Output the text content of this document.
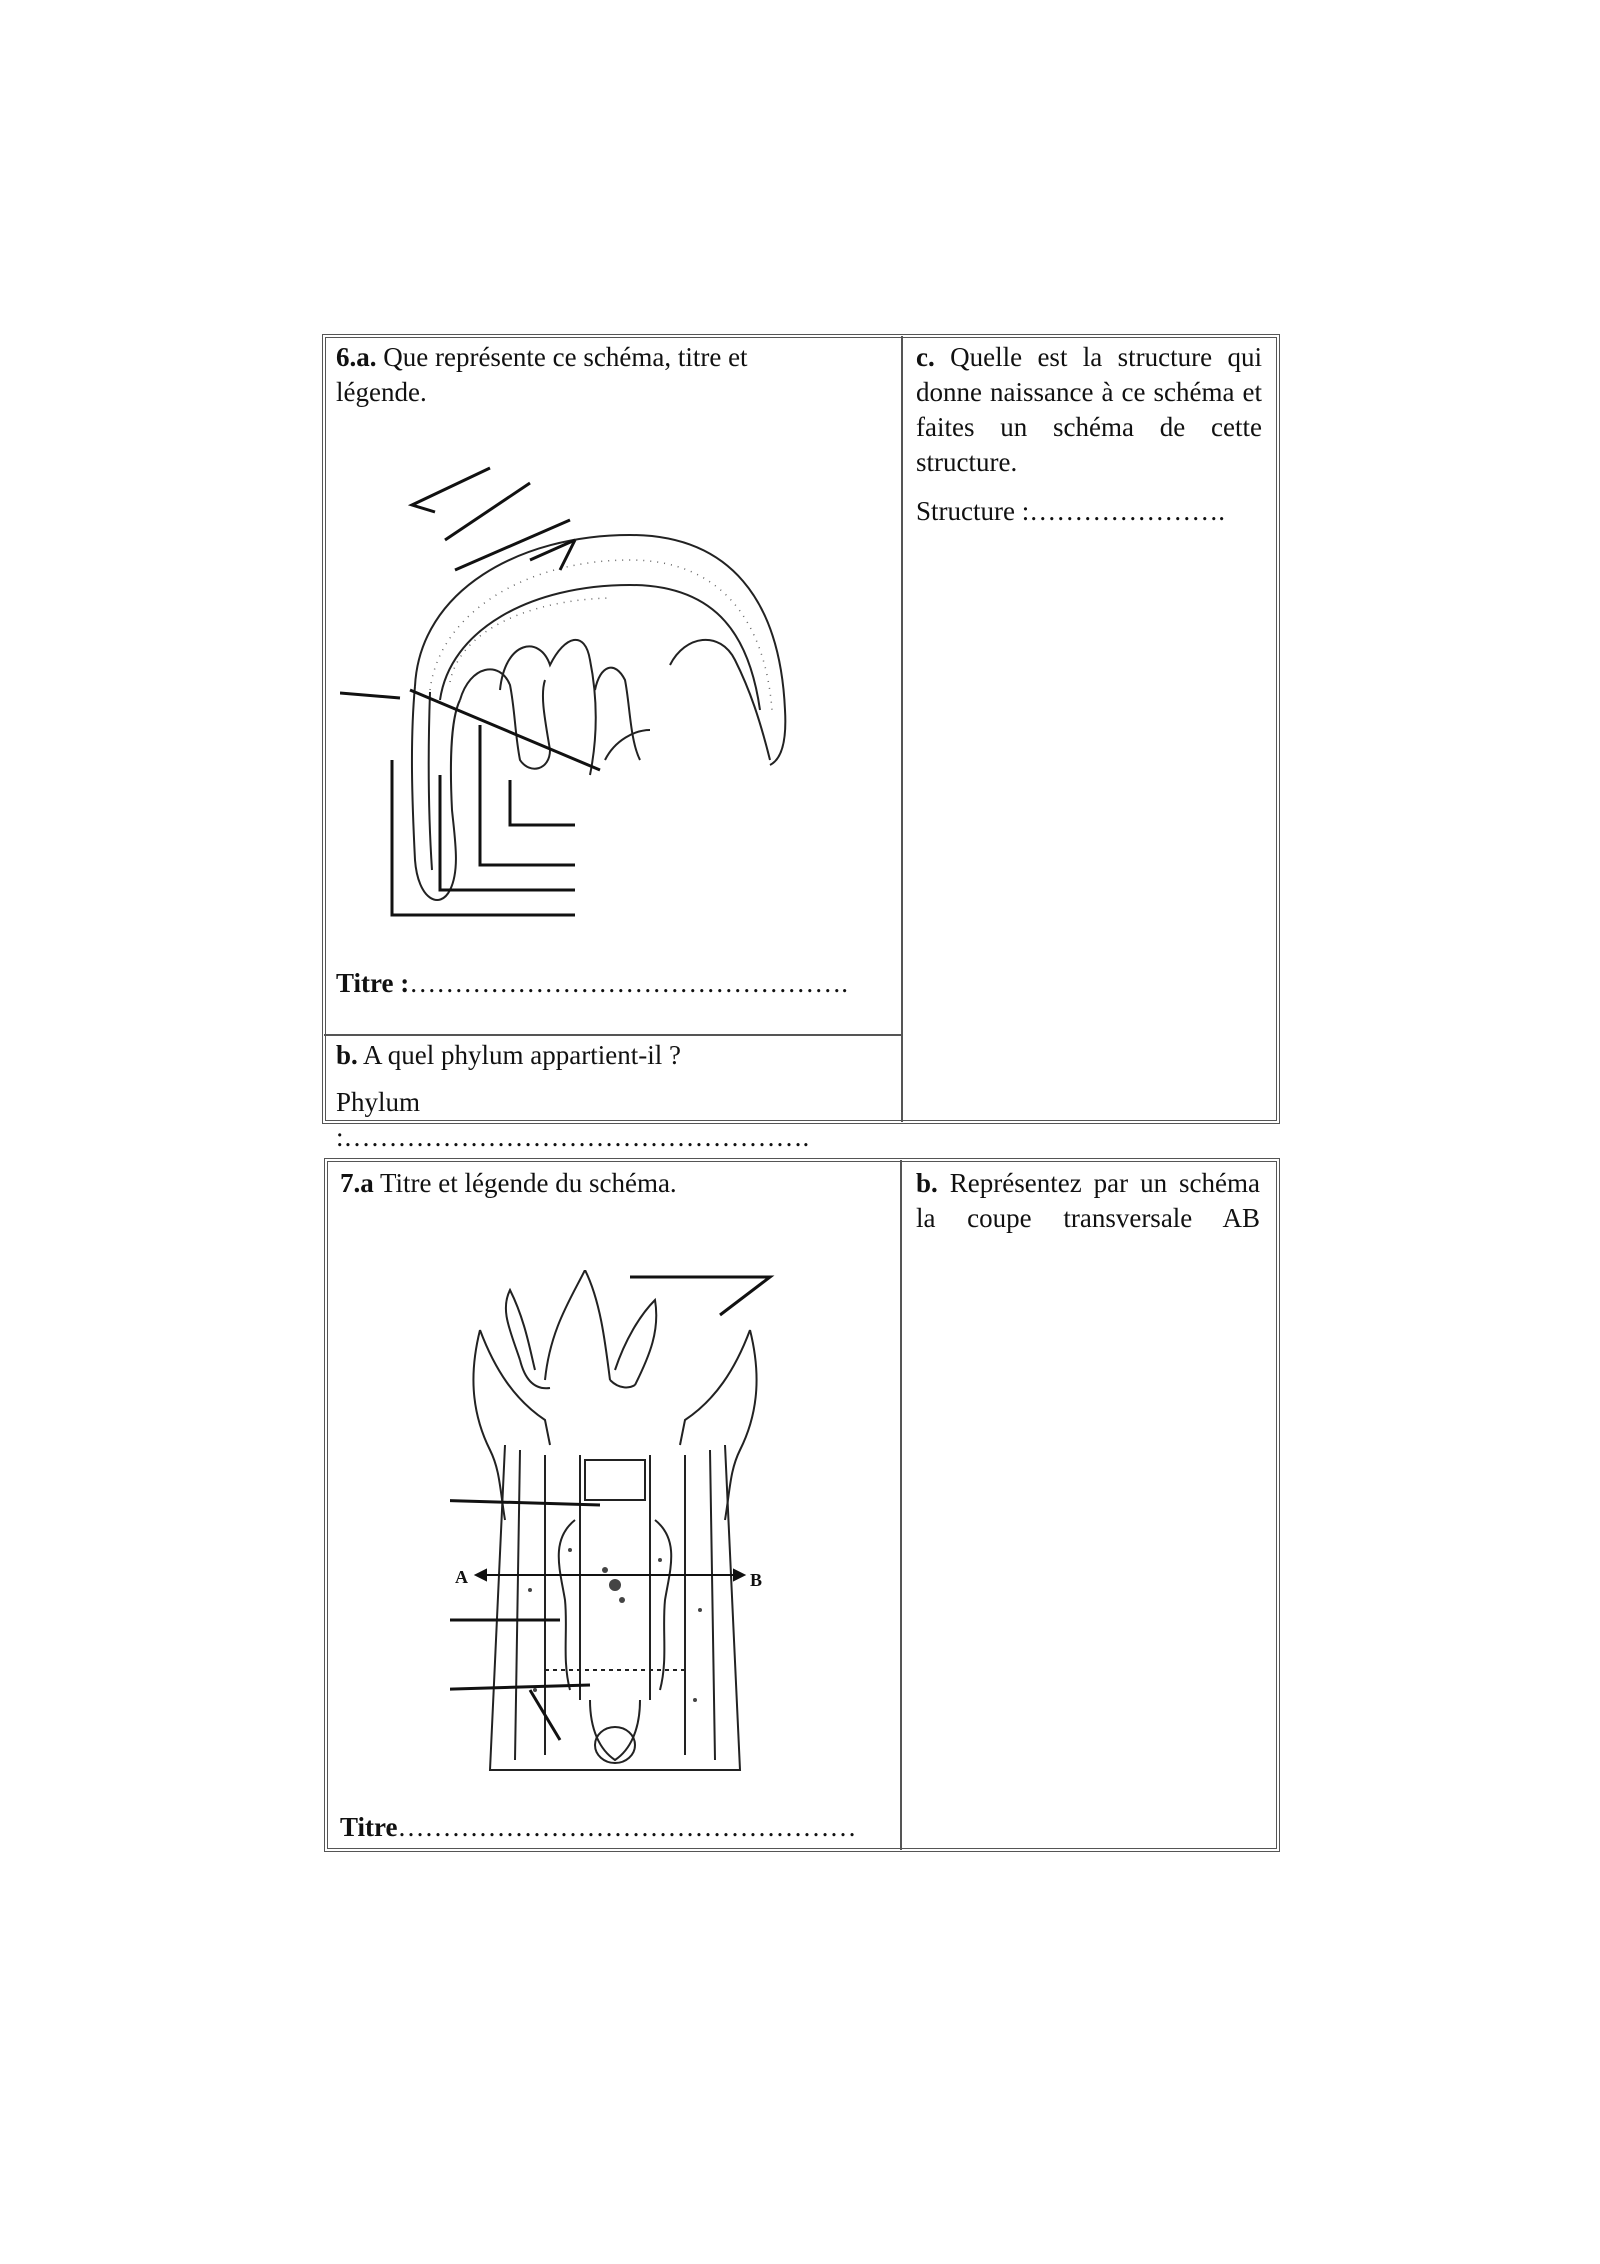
6.a. Que représente ce schéma, titre et légende.
Titre :………………………………………….
b. A quel phylum appartient-il ?
Phylum :…………………………………………….
c. Quelle est la structure qui donne naissance à ce schéma et faites un schéma de cette structure.
Structure :………………….
7.a Titre et légende du schéma.
A	B
Titre……………………………………………
b. Représentez par un schéma la coupe transversale AB
